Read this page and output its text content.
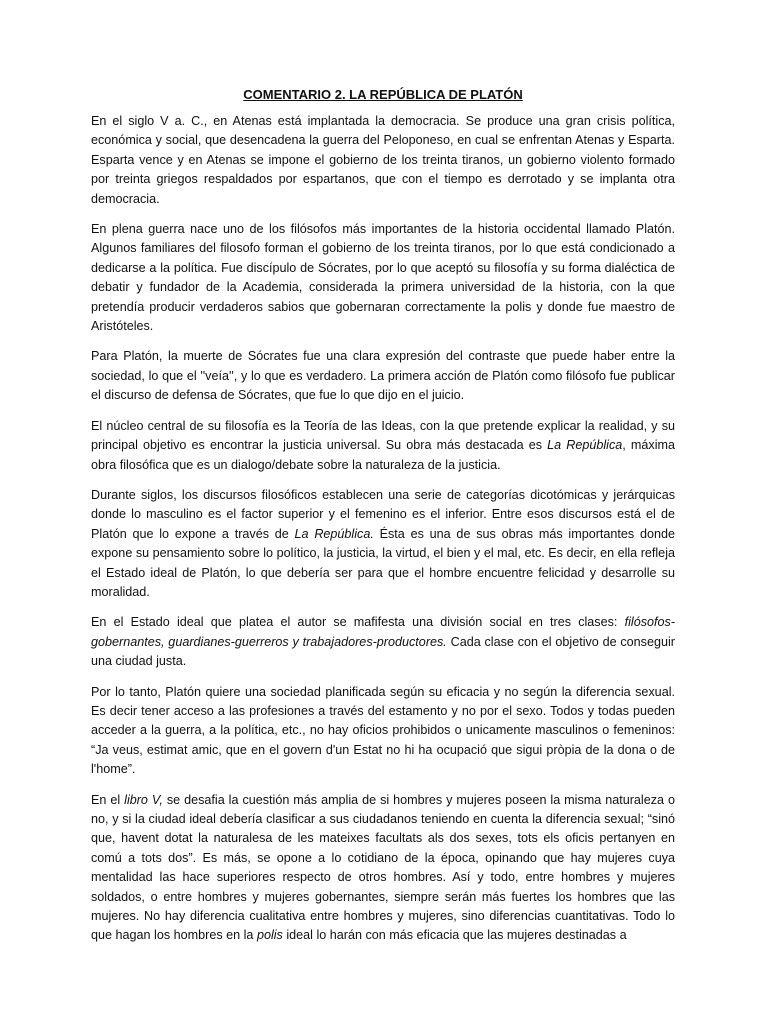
COMENTARIO 2. LA REPÚBLICA DE PLATÓN

En el siglo V a. C., en Atenas está implantada la democracia. Se produce una gran crisis política, económica y social, que desencadena la guerra del Peloponeso, en cual se enfrentan Atenas y Esparta. Esparta vence y en Atenas se impone el gobierno de los treinta tiranos, un gobierno violento formado por treinta griegos respaldados por espartanos, que con el tiempo es derrotado y se implanta otra democracia.

En plena guerra nace uno de los filósofos más importantes de la historia occidental llamado Platón. Algunos familiares del filosofo forman el gobierno de los treinta tiranos, por lo que está condicionado a dedicarse a la política. Fue discípulo de Sócrates, por lo que aceptó su filosofía y su forma dialéctica de debatir y fundador de la Academia, considerada la primera universidad de la historia, con la que pretendía producir verdaderos sabios que gobernaran correctamente la polis y donde fue maestro de Aristóteles.

Para Platón, la muerte de Sócrates fue una clara expresión del contraste que puede haber entre la sociedad, lo que el ''veía'', y lo que es verdadero. La primera acción de Platón como filósofo fue publicar el discurso de defensa de Sócrates, que fue lo que dijo en el juicio.

El núcleo central de su filosofía es la Teoría de las Ideas, con la que pretende explicar la realidad, y su principal objetivo es encontrar la justicia universal. Su obra más destacada es La República, máxima obra filosófica que es un dialogo/debate sobre la naturaleza de la justicia.

Durante siglos, los discursos filosóficos establecen una serie de categorías dicotómicas y jerárquicas donde lo masculino es el factor superior y el femenino es el inferior. Entre esos discursos está el de Platón que lo expone a través de La República. Ésta es una de sus obras más importantes donde expone su pensamiento sobre lo político, la justicia, la virtud, el bien y el mal, etc. Es decir, en ella refleja el Estado ideal de Platón, lo que debería ser para que el hombre encuentre felicidad y desarrolle su moralidad.

En el Estado ideal que platea el autor se mafifesta una división social en tres clases: filósofos-gobernantes, guardianes-guerreros y trabajadores-productores. Cada clase con el objetivo de conseguir una ciudad justa.

Por lo tanto, Platón quiere una sociedad planificada según su eficacia y no según la diferencia sexual. Es decir tener acceso a las profesiones a través del estamento y no por el sexo. Todos y todas pueden acceder a la guerra, a la política, etc., no hay oficios prohibidos o unicamente masculinos o femeninos: “Ja veus, estimat amic, que en el govern d'un Estat no hi ha ocupació que sigui pròpia de la dona o de l'home”.

En el libro V, se desafia la cuestión más amplia de si hombres y mujeres poseen la misma naturaleza o no, y si la ciudad ideal debería clasificar a sus ciudadanos teniendo en cuenta la diferencia sexual; “sinó que, havent dotat la naturalesa de les mateixes facultats als dos sexes, tots els oficis pertanyen en comú a tots dos”. Es más, se opone a lo cotidiano de la época, opinando que hay mujeres cuya mentalidad las hace superiores respecto de otros hombres. Así y todo, entre hombres y mujeres soldados, o entre hombres y mujeres gobernantes, siempre serán más fuertes los hombres que las mujeres. No hay diferencia cualitativa entre hombres y mujeres, sino diferencias cuantitativas. Todo lo que hagan los hombres en la polis ideal lo harán con más eficacia que las mujeres destinadas a
